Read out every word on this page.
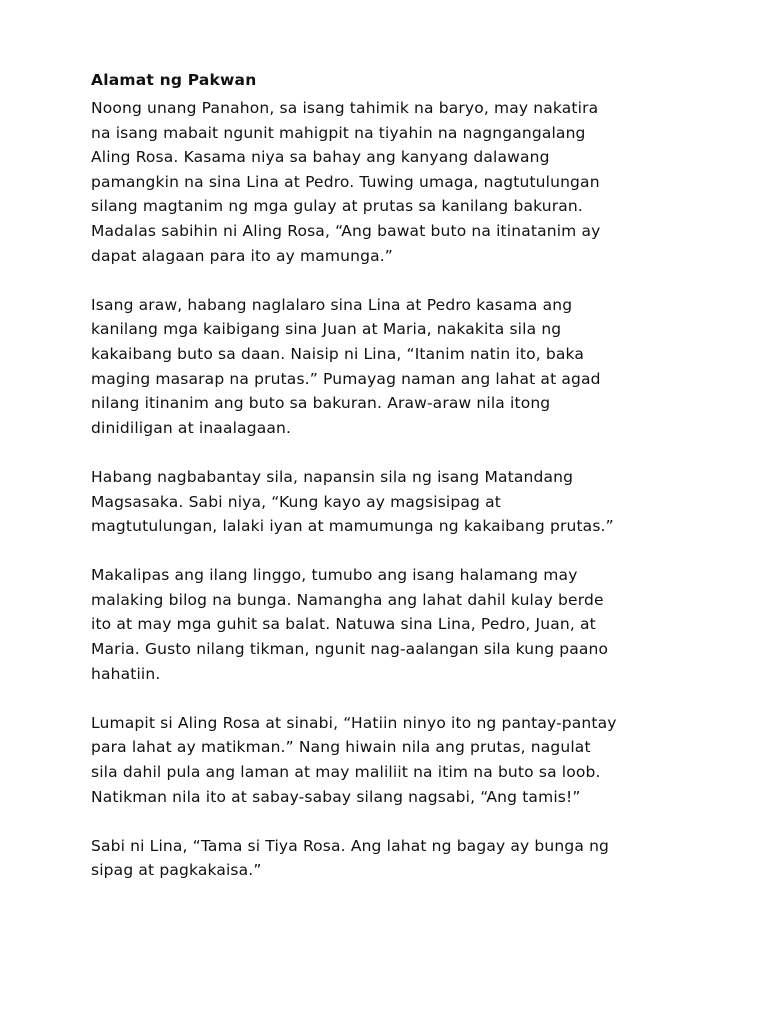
Alamat ng Pakwan
Noong unang Panahon, sa isang tahimik na baryo, may nakatira
na isang mabait ngunit mahigpit na tiyahin na nagngangalang
Aling Rosa. Kasama niya sa bahay ang kanyang dalawang
pamangkin na sina Lina at Pedro. Tuwing umaga, nagtutulungan
silang magtanim ng mga gulay at prutas sa kanilang bakuran.
Madalas sabihin ni Aling Rosa, “Ang bawat buto na itinatanim ay
dapat alagaan para ito ay mamunga.”
Isang araw, habang naglalaro sina Lina at Pedro kasama ang
kanilang mga kaibigang sina Juan at Maria, nakakita sila ng
kakaibang buto sa daan. Naisip ni Lina, “Itanim natin ito, baka
maging masarap na prutas.” Pumayag naman ang lahat at agad
nilang itinanim ang buto sa bakuran. Araw-araw nila itong
dinidiligan at inaalagaan.
Habang nagbabantay sila, napansin sila ng isang Matandang
Magsasaka. Sabi niya, “Kung kayo ay magsisipag at
magtutulungan, lalaki iyan at mamumunga ng kakaibang prutas.”
Makalipas ang ilang linggo, tumubo ang isang halamang may
malaking bilog na bunga. Namangha ang lahat dahil kulay berde
ito at may mga guhit sa balat. Natuwa sina Lina, Pedro, Juan, at
Maria. Gusto nilang tikman, ngunit nag-aalangan sila kung paano
hahatiin.
Lumapit si Aling Rosa at sinabi, “Hatiin ninyo ito ng pantay-pantay
para lahat ay matikman.” Nang hiwain nila ang prutas, nagulat
sila dahil pula ang laman at may maliliit na itim na buto sa loob.
Natikman nila ito at sabay-sabay silang nagsabi, “Ang tamis!”
Sabi ni Lina, “Tama si Tiya Rosa. Ang lahat ng bagay ay bunga ng
sipag at pagkakaisa.”
